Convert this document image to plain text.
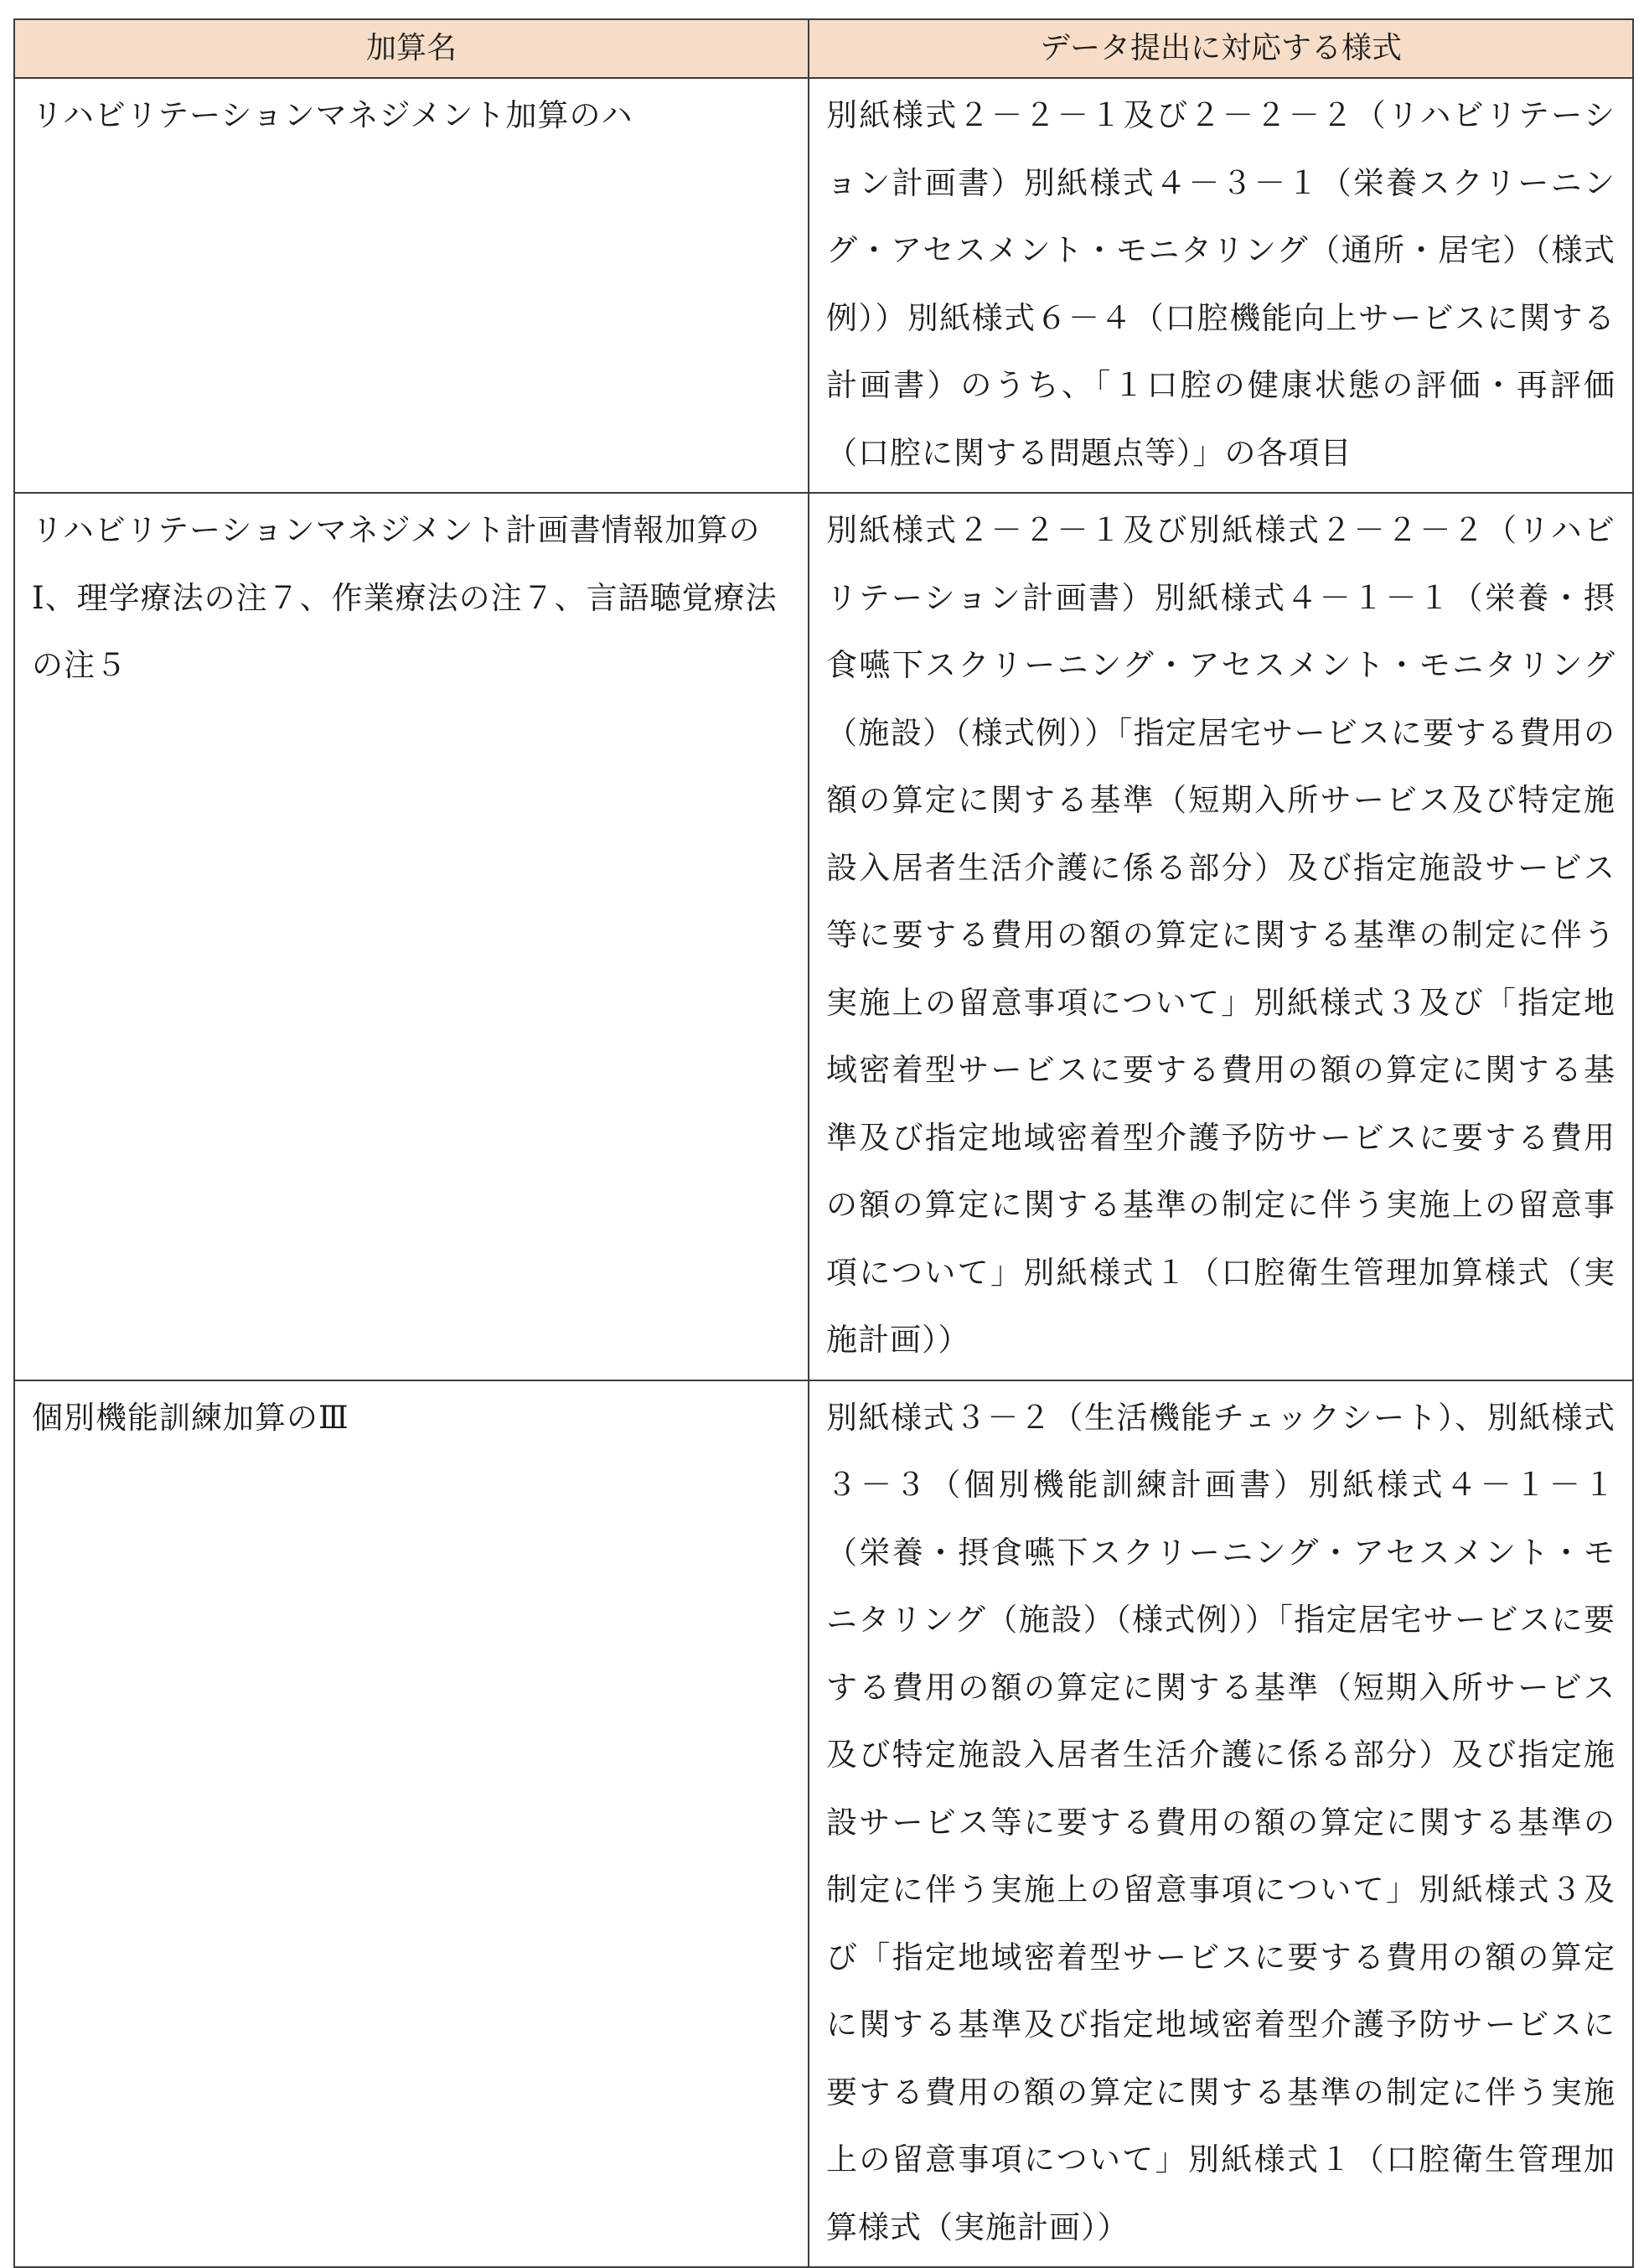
加算名	データ提出に対応する様式
リハビリテーションマネジメント加算のハ	別紙様式２－２－１及び２－２－２（リハビリテーション計画書）別紙様式４－３－１（栄養スクリーニング・アセスメント・モニタリング（通所・居宅）（様式例））別紙様式６－４（口腔機能向上サービスに関する計画書）のうち、「１口腔の健康状態の評価・再評価（口腔に関する問題点等）」の各項目
リハビリテーションマネジメント計画書情報加算のⅠ、理学療法の注７、作業療法の注７、言語聴覚療法の注５	別紙様式２－２－１及び別紙様式２－２－２（リハビリテーション計画書）別紙様式４－１－１（栄養・摂食嚥下スクリーニング・アセスメント・モニタリング（施設）（様式例））「指定居宅サービスに要する費用の額の算定に関する基準（短期入所サービス及び特定施設入居者生活介護に係る部分）及び指定施設サービス等に要する費用の額の算定に関する基準の制定に伴う実施上の留意事項について」別紙様式３及び「指定地域密着型サービスに要する費用の額の算定に関する基準及び指定地域密着型介護予防サービスに要する費用の額の算定に関する基準の制定に伴う実施上の留意事項について」別紙様式１（口腔衛生管理加算様式（実施計画））
個別機能訓練加算のⅢ	別紙様式３－２（生活機能チェックシート）、別紙様式３－３（個別機能訓練計画書）別紙様式４－１－１（栄養・摂食嚥下スクリーニング・アセスメント・モニタリング（施設）（様式例））「指定居宅サービスに要する費用の額の算定に関する基準（短期入所サービス及び特定施設入居者生活介護に係る部分）及び指定施設サービス等に要する費用の額の算定に関する基準の制定に伴う実施上の留意事項について」別紙様式３及び「指定地域密着型サービスに要する費用の額の算定に関する基準及び指定地域密着型介護予防サービスに要する費用の額の算定に関する基準の制定に伴う実施上の留意事項について」別紙様式１（口腔衛生管理加算様式（実施計画））
